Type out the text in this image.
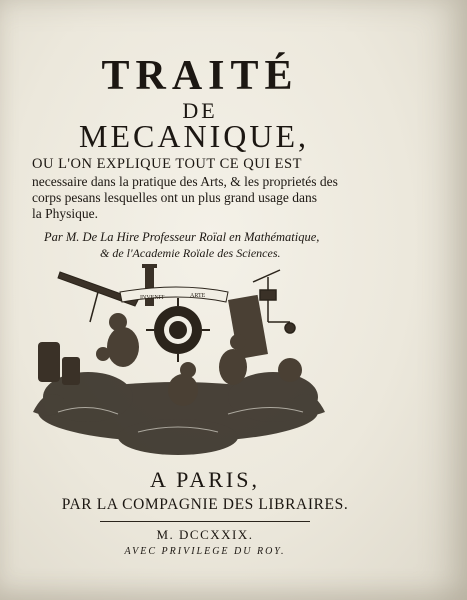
TRAITÉ
DE
MECANIQUE,
OU L'ON EXPLIQUE TOUT CE QUI EST
necessaire dans la pratique des Arts, & les proprietés des
corps pesans lesquelles ont un plus grand usage dans
la Physique.
Par M. De La Hire Professeur Roïal en Mathématique,
& de l'Academie Roïale des Sciences.
INVENIT	ARTE
A PARIS,
PAR LA COMPAGNIE DES LIBRAIRES.
M. DCCXXIX.
AVEC PRIVILEGE DU ROY.
